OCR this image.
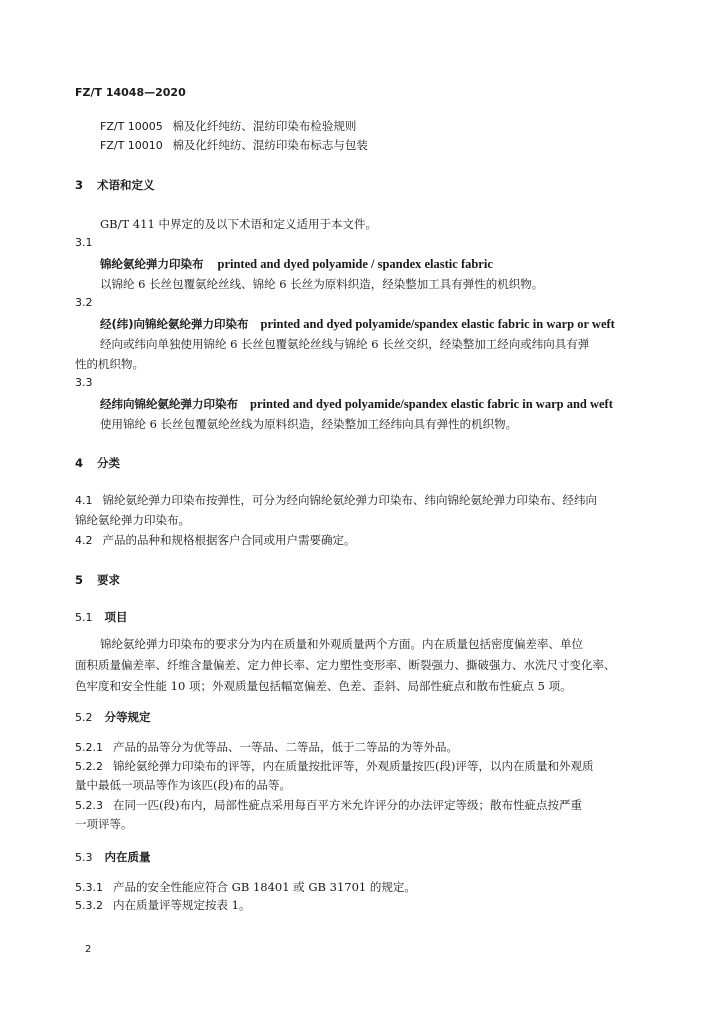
FZ/T 14048—2020
FZ/T 10005 棉及化纤纯纺、混纺印染布检验规则
FZ/T 10010 棉及化纤纯纺、混纺印染布标志与包装
3 术语和定义
GB/T 411 中界定的及以下术语和定义适用于本文件。
3.1
锦纶氨纶弹力印染布 printed and dyed polyamide / spandex elastic fabric
以锦纶 6 长丝包覆氨纶丝线、锦纶 6 长丝为原料织造，经染整加工具有弹性的机织物。
3.2
经(纬)向锦纶氨纶弹力印染布 printed and dyed polyamide/spandex elastic fabric in warp or weft
经向或纬向单独使用锦纶 6 长丝包覆氨纶丝线与锦纶 6 长丝交织，经染整加工经向或纬向具有弹
性的机织物。
3.3
经纬向锦纶氨纶弹力印染布 printed and dyed polyamide/spandex elastic fabric in warp and weft
使用锦纶 6 长丝包覆氨纶丝线为原料织造，经染整加工经纬向具有弹性的机织物。
4 分类
4.1 锦纶氨纶弹力印染布按弹性，可分为经向锦纶氨纶弹力印染布、纬向锦纶氨纶弹力印染布、经纬向
锦纶氨纶弹力印染布。
4.2 产品的品种和规格根据客户合同或用户需要确定。
5 要求
5.1 项目
锦纶氨纶弹力印染布的要求分为内在质量和外观质量两个方面。内在质量包括密度偏差率、单位
面积质量偏差率、纤维含量偏差、定力伸长率、定力塑性变形率、断裂强力、撕破强力、水洗尺寸变化率、
色牢度和安全性能 10 项；外观质量包括幅宽偏差、色差、歪斜、局部性疵点和散布性疵点 5 项。
5.2 分等规定
5.2.1 产品的品等分为优等品、一等品、二等品，低于二等品的为等外品。
5.2.2 锦纶氨纶弹力印染布的评等，内在质量按批评等，外观质量按匹(段)评等，以内在质量和外观质
量中最低一项品等作为该匹(段)布的品等。
5.2.3 在同一匹(段)布内，局部性疵点采用每百平方米允许评分的办法评定等级；散布性疵点按严重
一项评等。
5.3 内在质量
5.3.1 产品的安全性能应符合 GB 18401 或 GB 31701 的规定。
5.3.2 内在质量评等规定按表 1。
2
